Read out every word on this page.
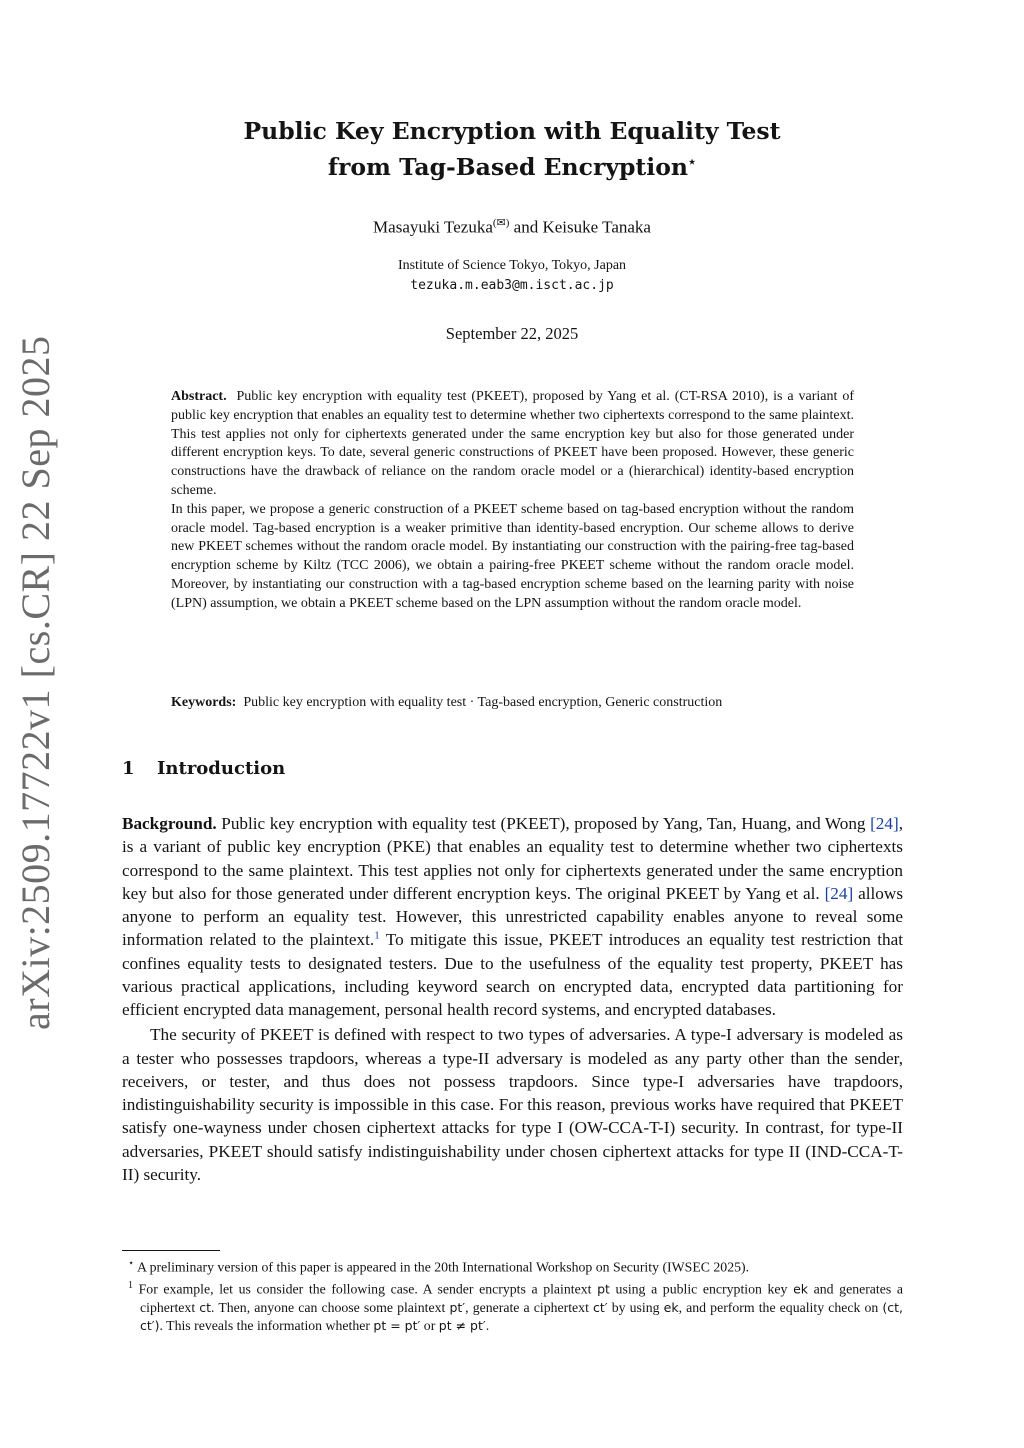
arXiv:2509.17722v1 [cs.CR] 22 Sep 2025
Public Key Encryption with Equality Test
from Tag-Based Encryption⋆
Masayuki Tezuka(✉) and Keisuke Tanaka
Institute of Science Tokyo, Tokyo, Japan
tezuka.m.eab3@m.isct.ac.jp
September 22, 2025

Abstract. Public key encryption with equality test (PKEET), proposed by Yang et al. (CT-RSA 2010), is a variant of public key encryption that enables an equality test to determine whether two ciphertexts correspond to the same plaintext. This test applies not only for ciphertexts generated under the same encryption key but also for those generated under different encryption keys. To date, several generic constructions of PKEET have been proposed. However, these generic constructions have the drawback of reliance on the random oracle model or a (hierarchical) identity-based encryption scheme.

In this paper, we propose a generic construction of a PKEET scheme based on tag-based encryption without the random oracle model. Tag-based encryption is a weaker primitive than identity-based encryption. Our scheme allows to derive new PKEET schemes without the random oracle model. By instantiating our construction with the pairing-free tag-based encryption scheme by Kiltz (TCC 2006), we obtain a pairing-free PKEET scheme without the random oracle model. Moreover, by instantiating our construction with a tag-based encryption scheme based on the learning parity with noise (LPN) assumption, we obtain a PKEET scheme based on the LPN assumption without the random oracle model.

Keywords: Public key encryption with equality test · Tag-based encryption, Generic construction
1 Introduction

Background. Public key encryption with equality test (PKEET), proposed by Yang, Tan, Huang, and Wong [24], is a variant of public key encryption (PKE) that enables an equality test to determine whether two ciphertexts correspond to the same plaintext. This test applies not only for ciphertexts generated under the same encryption key but also for those generated under different encryption keys. The original PKEET by Yang et al. [24] allows anyone to perform an equality test. However, this unrestricted capability enables anyone to reveal some information related to the plaintext.$^1$ To mitigate this issue, PKEET introduces an equality test restriction that confines equality tests to designated testers. Due to the usefulness of the equality test property, PKEET has various practical applications, including keyword search on encrypted data, encrypted data partitioning for efficient encrypted data management, personal health record systems, and encrypted databases.

The security of PKEET is defined with respect to two types of adversaries. A type-I adversary is modeled as a tester who possesses trapdoors, whereas a type-II adversary is modeled as any party other than the sender, receivers, or tester, and thus does not possess trapdoors. Since type-I adversaries have trapdoors, indistinguishability security is impossible in this case. For this reason, previous works have required that PKEET satisfy one-wayness under chosen ciphertext attacks for type I (OW-CCA-T-I) security. In contrast, for type-II adversaries, PKEET should satisfy indistinguishability under chosen ciphertext attacks for type II (IND-CCA-T-II) security.

⋆ A preliminary version of this paper is appeared in the 20th International Workshop on Security (IWSEC 2025).

$^1$ For example, let us consider the following case. A sender encrypts a plaintext pt using a public encryption key ek and generates a ciphertext ct. Then, anyone can choose some plaintext pt′, generate a ciphertext ct′ by using ek, and perform the equality check on (ct, ct′). This reveals the information whether pt = pt′ or pt ≠ pt′.
